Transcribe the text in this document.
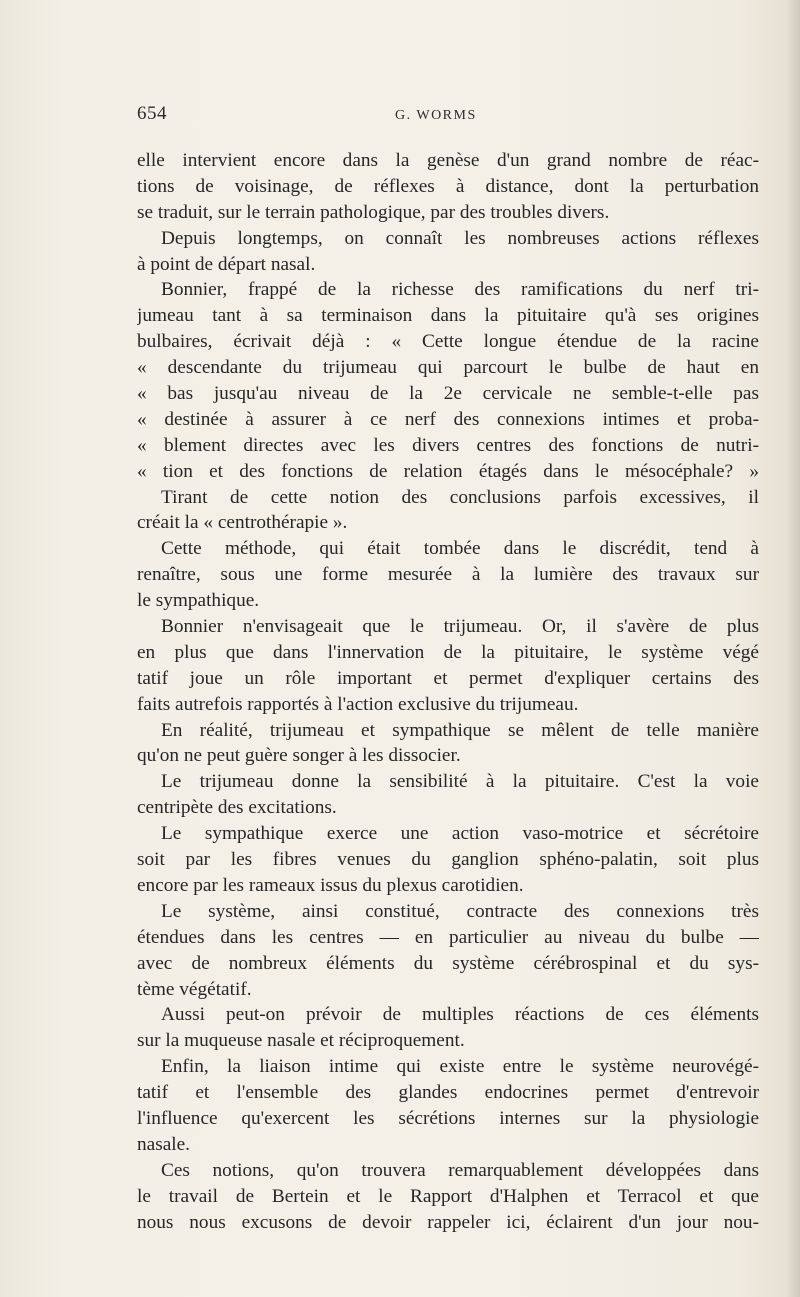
654	G. WORMS
elle intervient encore dans la genèse d'un grand nombre de réac-
tions de voisinage, de réflexes à distance, dont la perturbation
se traduit, sur le terrain pathologique, par des troubles divers.
Depuis longtemps, on connaît les nombreuses actions réflexes
à point de départ nasal.
Bonnier, frappé de la richesse des ramifications du nerf tri-
jumeau tant à sa terminaison dans la pituitaire qu'à ses origines
bulbaires, écrivait déjà : « Cette longue étendue de la racine
« descendante du trijumeau qui parcourt le bulbe de haut en
« bas jusqu'au niveau de la 2e cervicale ne semble-t-elle pas
« destinée à assurer à ce nerf des connexions intimes et proba-
« blement directes avec les divers centres des fonctions de nutri-
« tion et des fonctions de relation étagés dans le mésocéphale? »
Tirant de cette notion des conclusions parfois excessives, il
créait la « centrothérapie ».
Cette méthode, qui était tombée dans le discrédit, tend à
renaître, sous une forme mesurée à la lumière des travaux sur
le sympathique.
Bonnier n'envisageait que le trijumeau. Or, il s'avère de plus
en plus que dans l'innervation de la pituitaire, le système végé
tatif joue un rôle important et permet d'expliquer certains des
faits autrefois rapportés à l'action exclusive du trijumeau.
En réalité, trijumeau et sympathique se mêlent de telle manière
qu'on ne peut guère songer à les dissocier.
Le trijumeau donne la sensibilité à la pituitaire. C'est la voie
centripète des excitations.
Le sympathique exerce une action vaso-motrice et sécrétoire
soit par les fibres venues du ganglion sphéno-palatin, soit plus
encore par les rameaux issus du plexus carotidien.
Le système, ainsi constitué, contracte des connexions très
étendues dans les centres — en particulier au niveau du bulbe —
avec de nombreux éléments du système cérébrospinal et du sys-
tème végétatif.
Aussi peut-on prévoir de multiples réactions de ces éléments
sur la muqueuse nasale et réciproquement.
Enfin, la liaison intime qui existe entre le système neurovégé-
tatif et l'ensemble des glandes endocrines permet d'entrevoir
l'influence qu'exercent les sécrétions internes sur la physiologie
nasale.
Ces notions, qu'on trouvera remarquablement développées dans
le travail de Bertein et le Rapport d'Halphen et Terracol et que
nous nous excusons de devoir rappeler ici, éclairent d'un jour nou-
